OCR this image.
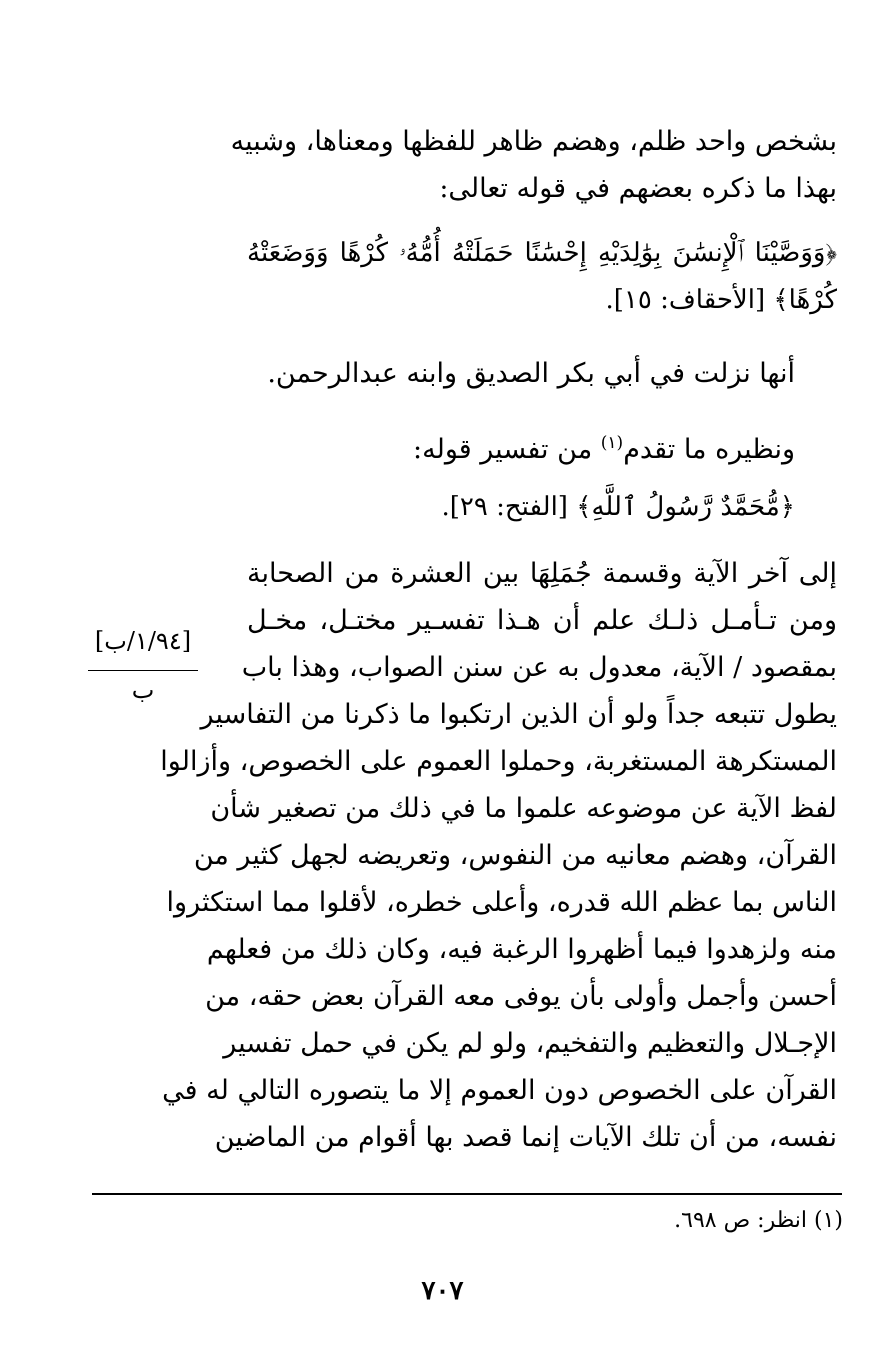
بشخص واحد ظلم، وهضم ظاهر للفظها ومعناها، وشبيه
بهذا ما ذكره بعضهم في قوله تعالى:
﴿وَوَصَّيْنَا ٱلْإِنسَٰنَ بِوَٰلِدَيْهِ إِحْسَٰنًا حَمَلَتْهُ أُمُّهُۥ كُرْهًا وَوَضَعَتْهُ
كُرْهًا﴾ [الأحقاف: ١٥].
أنها نزلت في أبي بكر الصديق وابنه عبدالرحمن.
ونظيره ما تقدم$^{(١)}$ من تفسير قوله:
﴿مُّحَمَّدٌ رَّسُولُ ٱللَّهِ﴾ [الفتح: ٢٩].
إلى آخر الآية وقسمة جُمَلِهَا بين العشرة من الصحابة
ومن تـأمـل ذلـك علم أن هـذا تفسـير مختـل، مخـل
بمقصود / الآية، معدول به عن سنن الصواب، وهذا باب
يطول تتبعه جداً ولو أن الذين ارتكبوا ما ذكرنا من التفاسير
المستكرهة المستغربة، وحملوا العموم على الخصوص، وأزالوا
لفظ الآية عن موضوعه علموا ما في ذلك من تصغير شأن
القرآن، وهضم معانيه من النفوس، وتعريضه لجهل كثير من
الناس بما عظم الله قدره، وأعلى خطره، لأقلوا مما استكثروا
منه ولزهدوا فيما أظهروا الرغبة فيه، وكان ذلك من فعلهم
أحسن وأجمل وأولى بأن يوفى معه القرآن بعض حقه، من
الإجـلال والتعظيم والتفخيم، ولو لم يكن في حمل تفسير
القرآن على الخصوص دون العموم إلا ما يتصوره التالي له في
نفسه، من أن تلك الآيات إنما قصد بها أقوام من الماضين
[١/٩٤/ب]
ب
(١) انظر: ص ٦٩٨.
٧٠٧
